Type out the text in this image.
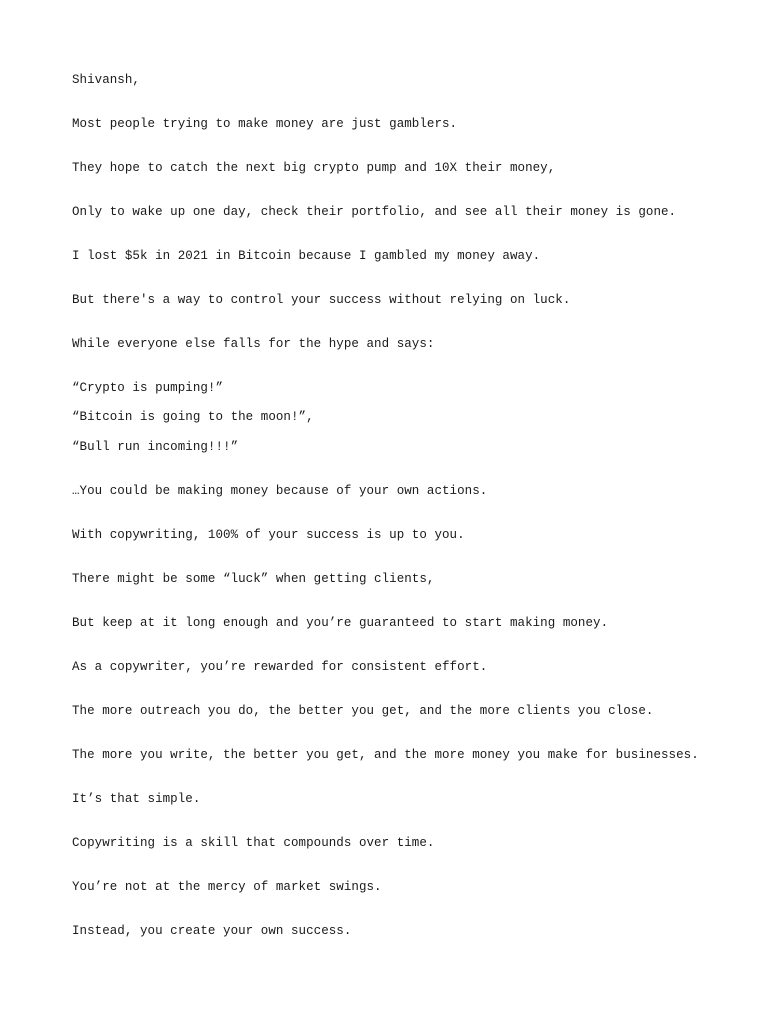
Shivansh,
Most people trying to make money are just gamblers.
They hope to catch the next big crypto pump and 10X their money,
Only to wake up one day, check their portfolio, and see all their money is gone.
I lost $5k in 2021 in Bitcoin because I gambled my money away.
But there's a way to control your success without relying on luck.
While everyone else falls for the hype and says:
“Crypto is pumping!”
“Bitcoin is going to the moon!”,
“Bull run incoming!!!”
…You could be making money because of your own actions.
With copywriting, 100% of your success is up to you.
There might be some “luck” when getting clients,
But keep at it long enough and you’re guaranteed to start making money.
As a copywriter, you’re rewarded for consistent effort.
The more outreach you do, the better you get, and the more clients you close.
The more you write, the better you get, and the more money you make for businesses.
It’s that simple.
Copywriting is a skill that compounds over time.
You’re not at the mercy of market swings.
Instead, you create your own success.
